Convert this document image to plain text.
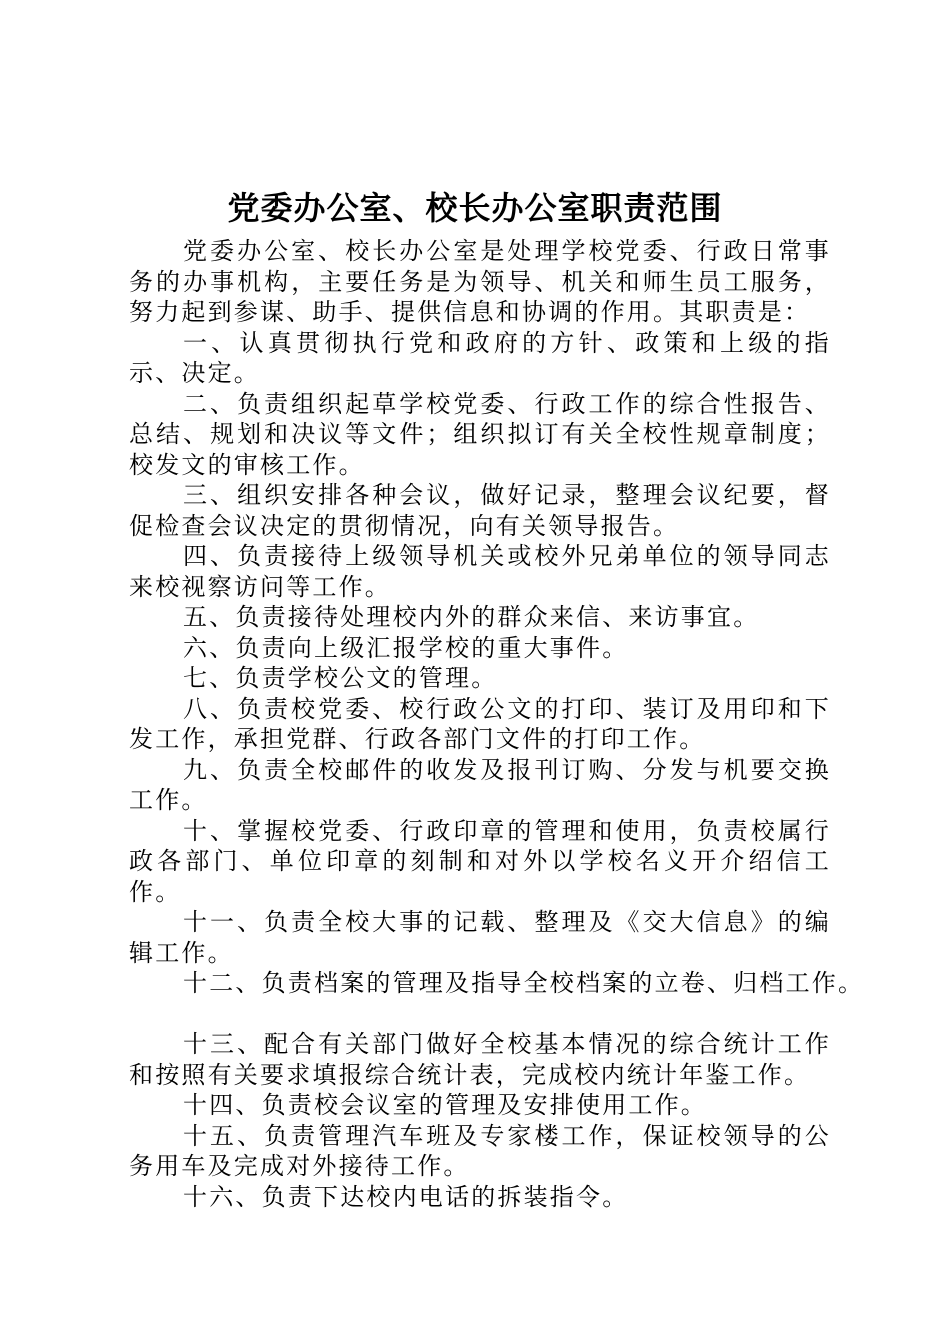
党委办公室、校长办公室职责范围

党委办公室、校长办公室是处理学校党委、行政日常事务的办事机构，主要任务是为领导、机关和师生员工服务，努力起到参谋、助手、提供信息和协调的作用。其职责是：

一、认真贯彻执行党和政府的方针、政策和上级的指示、决定。

二、负责组织起草学校党委、行政工作的综合性报告、总结、规划和决议等文件；组织拟订有关全校性规章制度；校发文的审核工作。

三、组织安排各种会议，做好记录，整理会议纪要，督促检查会议决定的贯彻情况，向有关领导报告。

四、负责接待上级领导机关或校外兄弟单位的领导同志来校视察访问等工作。

五、负责接待处理校内外的群众来信、来访事宜。

六、负责向上级汇报学校的重大事件。

七、负责学校公文的管理。

八、负责校党委、校行政公文的打印、装订及用印和下发工作，承担党群、行政各部门文件的打印工作。

九、负责全校邮件的收发及报刊订购、分发与机要交换工作。

十、掌握校党委、行政印章的管理和使用，负责校属行政各部门、单位印章的刻制和对外以学校名义开介绍信工作。

十一、负责全校大事的记载、整理及《交大信息》的编辑工作。

十二、负责档案的管理及指导全校档案的立卷、归档工作。

十三、配合有关部门做好全校基本情况的综合统计工作和按照有关要求填报综合统计表，完成校内统计年鉴工作。

十四、负责校会议室的管理及安排使用工作。

十五、负责管理汽车班及专家楼工作，保证校领导的公务用车及完成对外接待工作。

十六、负责下达校内电话的拆装指令。
